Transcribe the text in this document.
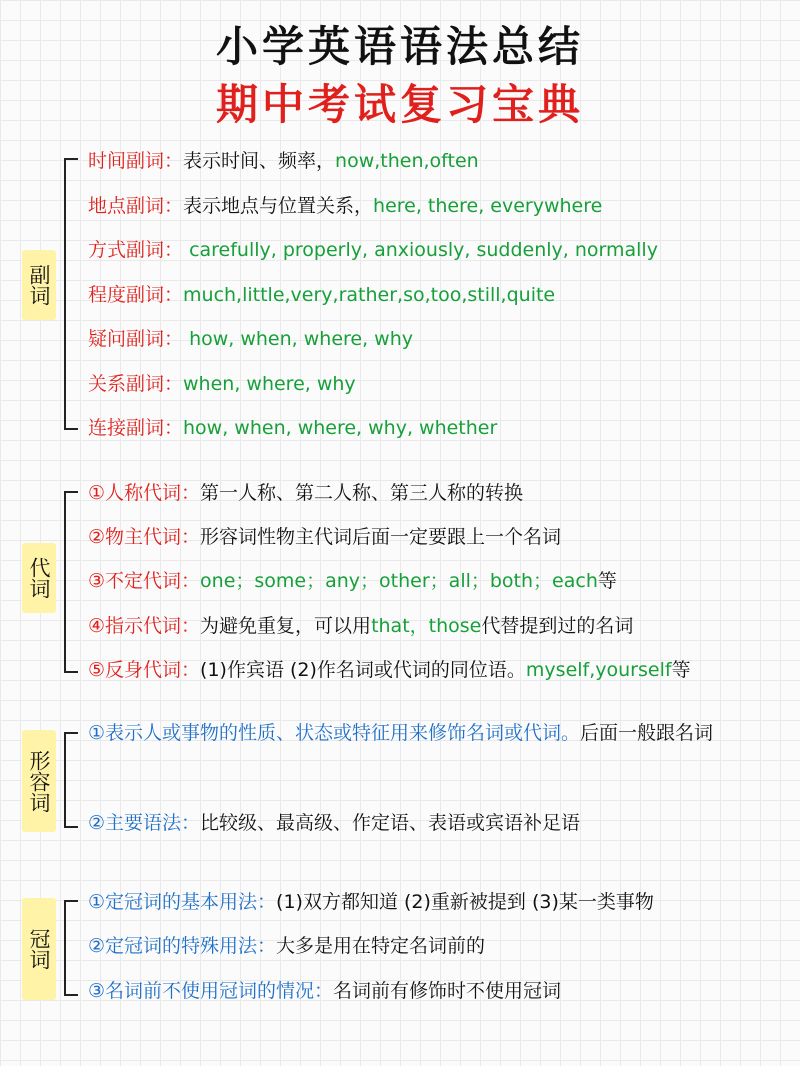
小学英语语法总结
期中考试复习宝典
副词
时间副词：表示时间、频率，now,then,often
地点副词：表示地点与位置关系，here, there, everywhere
方式副词： carefully, properly, anxiously, suddenly, normally
程度副词：much,little,very,rather,so,too,still,quite
疑问副词： how, when, where, why
关系副词：when, where, why
连接副词：how, when, where, why, whether
代词
①人称代词：第一人称、第二人称、第三人称的转换
②物主代词：形容词性物主代词后面一定要跟上一个名词
③不定代词：one；some；any；other；all；both；each等
④指示代词：为避免重复，可以用that，those代替提到过的名词
⑤反身代词：(1)作宾语 (2)作名词或代词的同位语。myself,yourself等
形容词
①表示人或事物的性质、状态或特征用来修饰名词或代词。后面一般跟名词
②主要语法：比较级、最高级、作定语、表语或宾语补足语
冠词
①定冠词的基本用法：(1)双方都知道 (2)重新被提到 (3)某一类事物
②定冠词的特殊用法：大多是用在特定名词前的
③名词前不使用冠词的情况：名词前有修饰时不使用冠词
